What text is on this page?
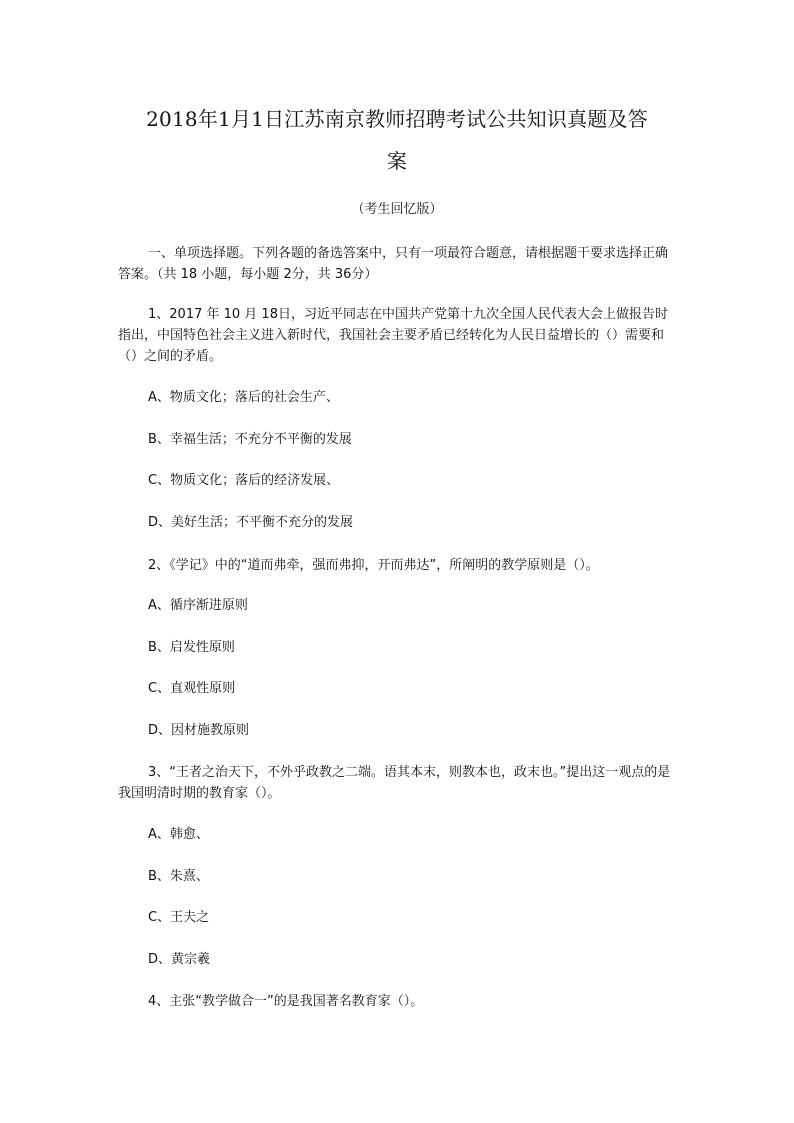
2018年1月1日江苏南京教师招聘考试公共知识真题及答
案
（考生回忆版）
一、单项选择题。下列各题的备选答案中，只有一项最符合题意，请根据题干要求选择正确答案。（共 18 小题，每小题 2分，共 36分）
1、2017 年 10 月 18日，习近平同志在中国共产党第十九次全国人民代表大会上做报告时指出，中国特色社会主义进入新时代，我国社会主要矛盾已经转化为人民日益增长的（）需要和（）之间的矛盾。
A、物质文化；落后的社会生产、
B、幸福生活；不充分不平衡的发展
C、物质文化；落后的经济发展、
D、美好生活；不平衡不充分的发展
2、《学记》中的“道而弗牵，强而弗抑，开而弗达”，所阐明的教学原则是（）。
A、循序渐进原则
B、启发性原则
C、直观性原则
D、因材施教原则
3、“王者之治天下，不外乎政教之二端。语其本末，则教本也，政末也。”提出这一观点的是我国明清时期的教育家（）。
A、韩愈、
B、朱熹、
C、王夫之
D、黄宗羲
4、主张“教学做合一”的是我国著名教育家（）。
